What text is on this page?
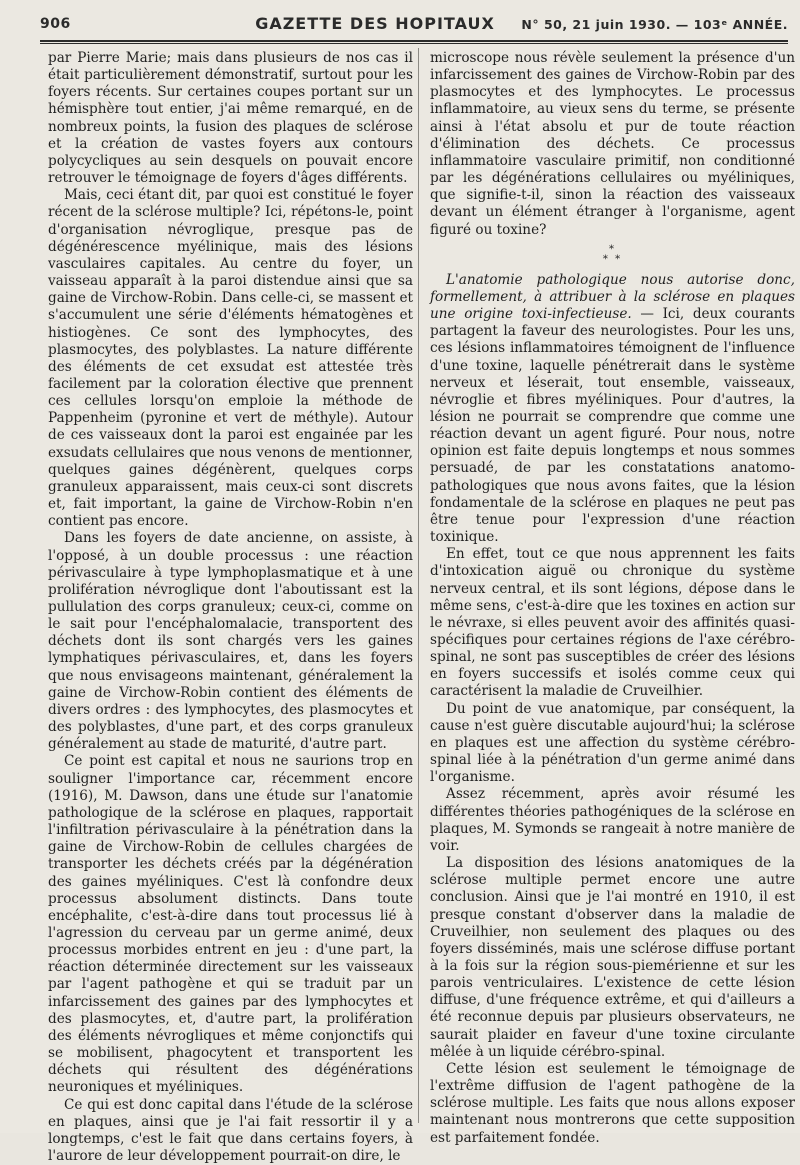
906	GAZETTE DES HOPITAUX	N° 50, 21 juin 1930. — 103ᵉ ANNÉE.

par Pierre Marie; mais dans plusieurs de nos cas il était particulièrement démonstratif, surtout pour les foyers récents. Sur certaines coupes portant sur un hémisphère tout entier, j'ai même remarqué, en de nombreux points, la fusion des plaques de sclérose et la création de vastes foyers aux contours polycycliques au sein desquels on pouvait encore retrouver le témoignage de foyers d'âges différents.

Mais, ceci étant dit, par quoi est constitué le foyer récent de la sclérose multiple? Ici, répétons-le, point d'organisation névroglique, presque pas de dégénérescence myélinique, mais des lésions vasculaires capitales. Au centre du foyer, un vaisseau apparaît à la paroi distendue ainsi que sa gaine de Virchow-Robin. Dans celle-ci, se massent et s'accumulent une série d'éléments hématogènes et histiogènes. Ce sont des lymphocytes, des plasmocytes, des polyblastes. La nature différente des éléments de cet exsudat est attestée très facilement par la coloration élective que prennent ces cellules lorsqu'on emploie la méthode de Pappenheim (pyronine et vert de méthyle). Autour de ces vaisseaux dont la paroi est engainée par les exsudats cellulaires que nous venons de mentionner, quelques gaines dégénèrent, quelques corps granuleux apparaissent, mais ceux-ci sont discrets et, fait important, la gaine de Virchow-Robin n'en contient pas encore.

Dans les foyers de date ancienne, on assiste, à l'opposé, à un double processus : une réaction périvasculaire à type lymphoplasmatique et à une prolifération névroglique dont l'aboutissant est la pullulation des corps granuleux; ceux-ci, comme on le sait pour l'encéphalomalacie, transportent des déchets dont ils sont chargés vers les gaines lymphatiques périvasculaires, et, dans les foyers que nous envisageons maintenant, généralement la gaine de Virchow-Robin contient des éléments de divers ordres : des lymphocytes, des plasmocytes et des polyblastes, d'une part, et des corps granuleux généralement au stade de maturité, d'autre part.

Ce point est capital et nous ne saurions trop en souligner l'importance car, récemment encore (1916), M. Dawson, dans une étude sur l'anatomie pathologique de la sclérose en plaques, rapportait l'infiltration périvasculaire à la pénétration dans la gaine de Virchow-Robin de cellules chargées de transporter les déchets créés par la dégénération des gaines myéliniques. C'est là confondre deux processus absolument distincts. Dans toute encéphalite, c'est-à-dire dans tout processus lié à l'agression du cerveau par un germe animé, deux processus morbides entrent en jeu : d'une part, la réaction déterminée directement sur les vaisseaux par l'agent pathogène et qui se traduit par un infarcissement des gaines par des lymphocytes et des plasmocytes, et, d'autre part, la prolifération des éléments névrogliques et même conjonctifs qui se mobilisent, phagocytent et transportent les déchets qui résultent des dégénérations neuroniques et myéliniques.

Ce qui est donc capital dans l'étude de la sclérose en plaques, ainsi que je l'ai fait ressortir il y a longtemps, c'est le fait que dans certains foyers, à l'aurore de leur développement pourrait-on dire, le

microscope nous révèle seulement la présence d'un infarcissement des gaines de Virchow-Robin par des plasmocytes et des lymphocytes. Le processus inflammatoire, au vieux sens du terme, se présente ainsi à l'état absolu et pur de toute réaction d'élimination des déchets. Ce processus inflammatoire vasculaire primitif, non conditionné par les dégénérations cellulaires ou myéliniques, que signifie-t-il, sinon la réaction des vaisseaux devant un élément étranger à l'organisme, agent figuré ou toxine?

*
* *

L'anatomie pathologique nous autorise donc, formellement, à attribuer à la sclérose en plaques une origine toxi-infectieuse. — Ici, deux courants partagent la faveur des neurologistes. Pour les uns, ces lésions inflammatoires témoignent de l'influence d'une toxine, laquelle pénétrerait dans le système nerveux et léserait, tout ensemble, vaisseaux, névroglie et fibres myéliniques. Pour d'autres, la lésion ne pourrait se comprendre que comme une réaction devant un agent figuré. Pour nous, notre opinion est faite depuis longtemps et nous sommes persuadé, de par les constatations anatomo-pathologiques que nous avons faites, que la lésion fondamentale de la sclérose en plaques ne peut pas être tenue pour l'expression d'une réaction toxinique.

En effet, tout ce que nous apprennent les faits d'intoxication aiguë ou chronique du système nerveux central, et ils sont légions, dépose dans le même sens, c'est-à-dire que les toxines en action sur le névraxe, si elles peuvent avoir des affinités quasi-spécifiques pour certaines régions de l'axe cérébro-spinal, ne sont pas susceptibles de créer des lésions en foyers successifs et isolés comme ceux qui caractérisent la maladie de Cruveilhier.

Du point de vue anatomique, par conséquent, la cause n'est guère discutable aujourd'hui; la sclérose en plaques est une affection du système cérébro-spinal liée à la pénétration d'un germe animé dans l'organisme.

Assez récemment, après avoir résumé les différentes théories pathogéniques de la sclérose en plaques, M. Symonds se rangeait à notre manière de voir.

La disposition des lésions anatomiques de la sclérose multiple permet encore une autre conclusion. Ainsi que je l'ai montré en 1910, il est presque constant d'observer dans la maladie de Cruveilhier, non seulement des plaques ou des foyers disséminés, mais une sclérose diffuse portant à la fois sur la région sous-piemérienne et sur les parois ventriculaires. L'existence de cette lésion diffuse, d'une fréquence extrême, et qui d'ailleurs a été reconnue depuis par plusieurs observateurs, ne saurait plaider en faveur d'une toxine circulante mêlée à un liquide cérébro-spinal.

Cette lésion est seulement le témoignage de l'extrême diffusion de l'agent pathogène de la sclérose multiple. Les faits que nous allons exposer maintenant nous montrerons que cette supposition est parfaitement fondée.
